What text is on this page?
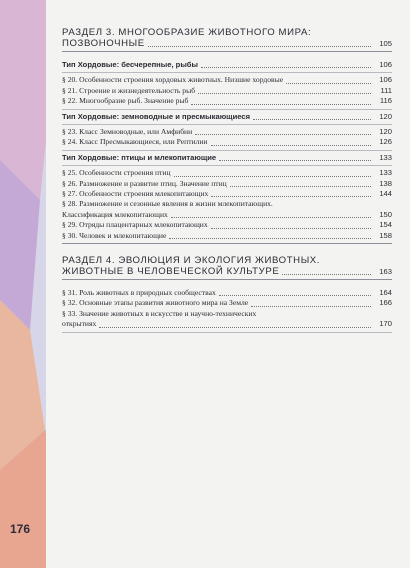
РАЗДЕЛ 3. МНОГООБРАЗИЕ ЖИВОТНОГО МИРА:
ПОЗВОНОЧНЫЕ	105
Тип Хордовые: бесчерепные, рыбы	106
§ 20. Особенности строения хордовых животных. Низшие хордовые	106
§ 21. Строение и жизнедеятельность рыб	111
§ 22. Многообразие рыб. Значение рыб	116
Тип Хордовые: земноводные и пресмыкающиеся	120
§ 23. Класс Земноводные, или Амфибии	120
§ 24. Класс Пресмыкающиеся, или Рептилии	126
Тип Хордовые: птицы и млекопитающие	133
§ 25. Особенности строения птиц	133
§ 26. Размножение и развитие птиц. Значение птиц	138
§ 27. Особенности строения млекопитающих	144
§ 28. Размножение и сезонные явления в жизни млекопитающих.
Классификация млекопитающих	150
§ 29. Отряды плацентарных млекопитающих	154
§ 30. Человек и млекопитающие	158
РАЗДЕЛ 4. ЭВОЛЮЦИЯ И ЭКОЛОГИЯ ЖИВОТНЫХ.
ЖИВОТНЫЕ В ЧЕЛОВЕЧЕСКОЙ КУЛЬТУРЕ	163
§ 31. Роль животных в природных сообществах	164
§ 32. Основные этапы развития животного мира на Земле	166
§ 33. Значение животных в искусстве и научно-технических
открытиях	170
176
